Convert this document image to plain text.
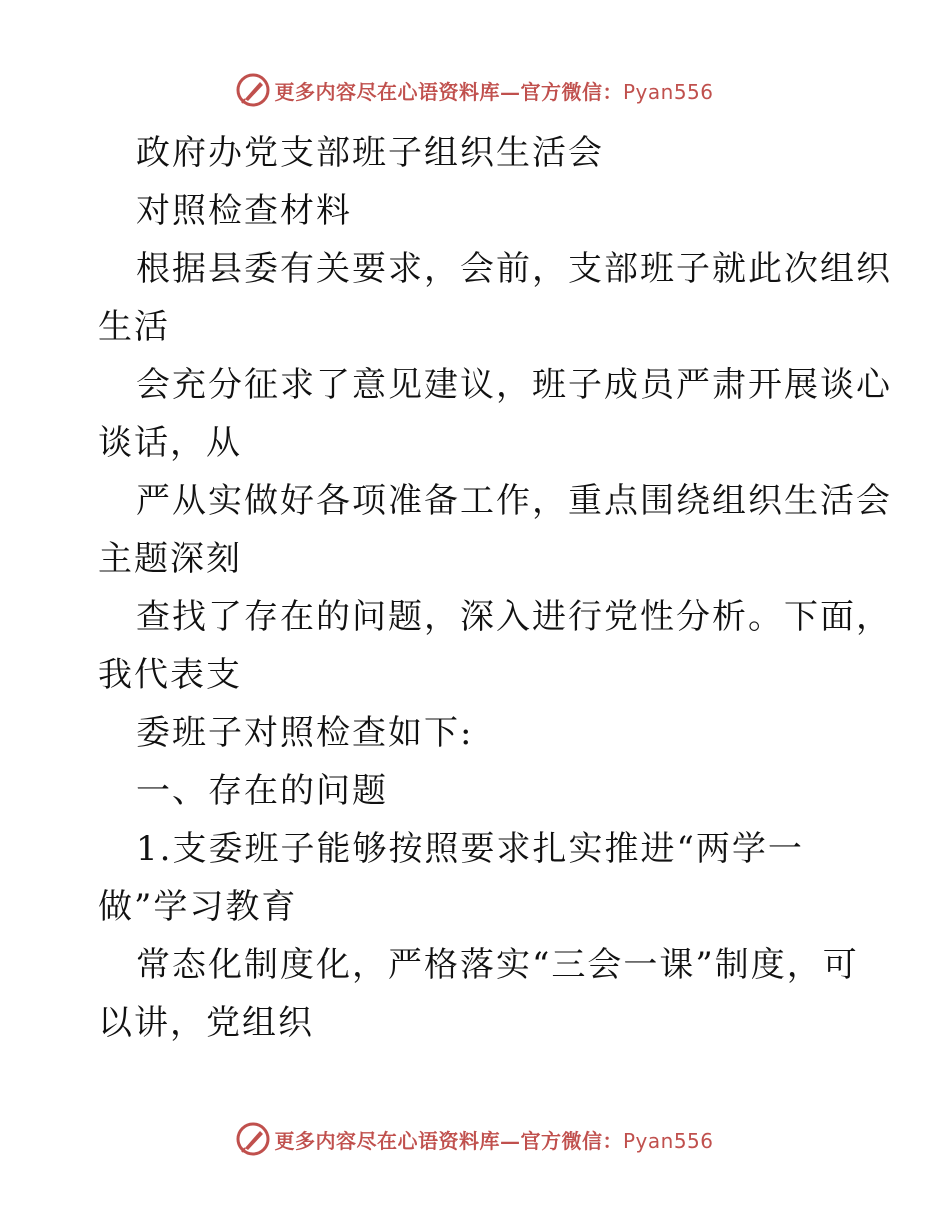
更多内容尽在心语资料库—官方微信：Pyan556
政府办党支部班子组织生活会
对照检查材料
根据县委有关要求，会前，支部班子就此次组织
生活
会充分征求了意见建议，班子成员严肃开展谈心
谈话，从
严从实做好各项准备工作，重点围绕组织生活会
主题深刻
查找了存在的问题，深入进行党性分析。下面，
我代表支
委班子对照检查如下:
一、存在的问题
1.支委班子能够按照要求扎实推进“两学一
做”学习教育
常态化制度化，严格落实“三会一课”制度，可
以讲，党组织
更多内容尽在心语资料库—官方微信：Pyan556
